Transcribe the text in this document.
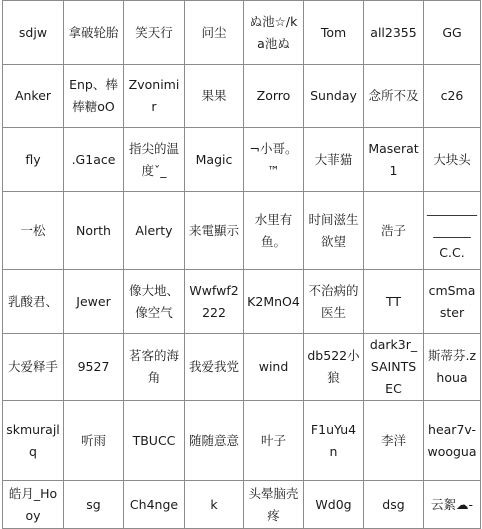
sdjw	拿破轮胎	笑天行	问尘	ぬ池☆/ka池ぬ	Tom	all2355	GG
Anker	Enp、棒棒糖oO	Zvonimir	果果	Zorro	Sunday	念所不及	c26
fly	.G1ace	指尖的温度ˇ_	Magic	¬小哥。™	大菲猫	Maserat1	大块头
一松	North	Alerty	来電顯示	水里有鱼。	时间滋生欲望	浩子	______________C.C.
乳酸君、	Jewer	像大地、像空气	Wwfwf2222	K2MnO4	不治病的医生	TT	cmSmaster
大爱释手	9527	茗客的海角	我爱我党	wind	db522小狼	dark3r_SAINTSEC	斯蒂芬.zhoua
skmurajlq	听雨	TBUCC	随随意意	叶子	F1uYu4n	李洋	hear7v-wooguа
皓月_Hooy	sg	Ch4nge	k	头晕脑壳疼	Wd0g	dsg	云絮☁-
